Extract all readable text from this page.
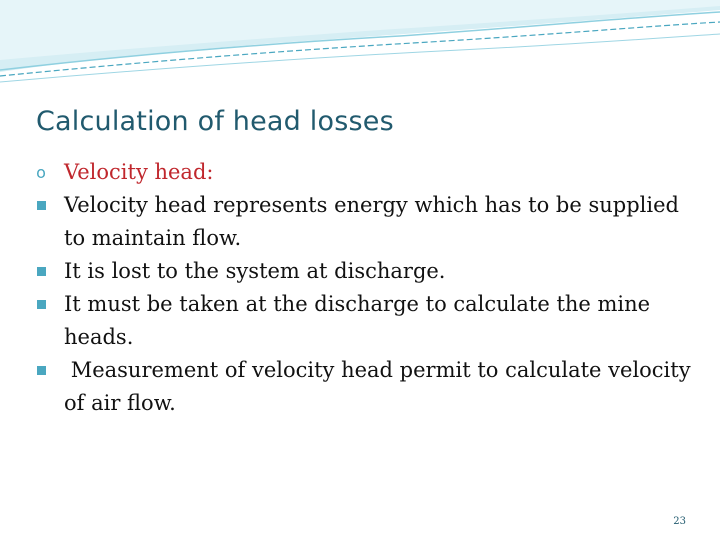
Calculation of head losses
o Velocity head:
Velocity head represents energy which has to be supplied to maintain flow.
It is lost to the system at discharge.
It must be taken at the discharge to calculate the mine heads.
Measurement of velocity head permit to calculate velocity of air flow.
23
